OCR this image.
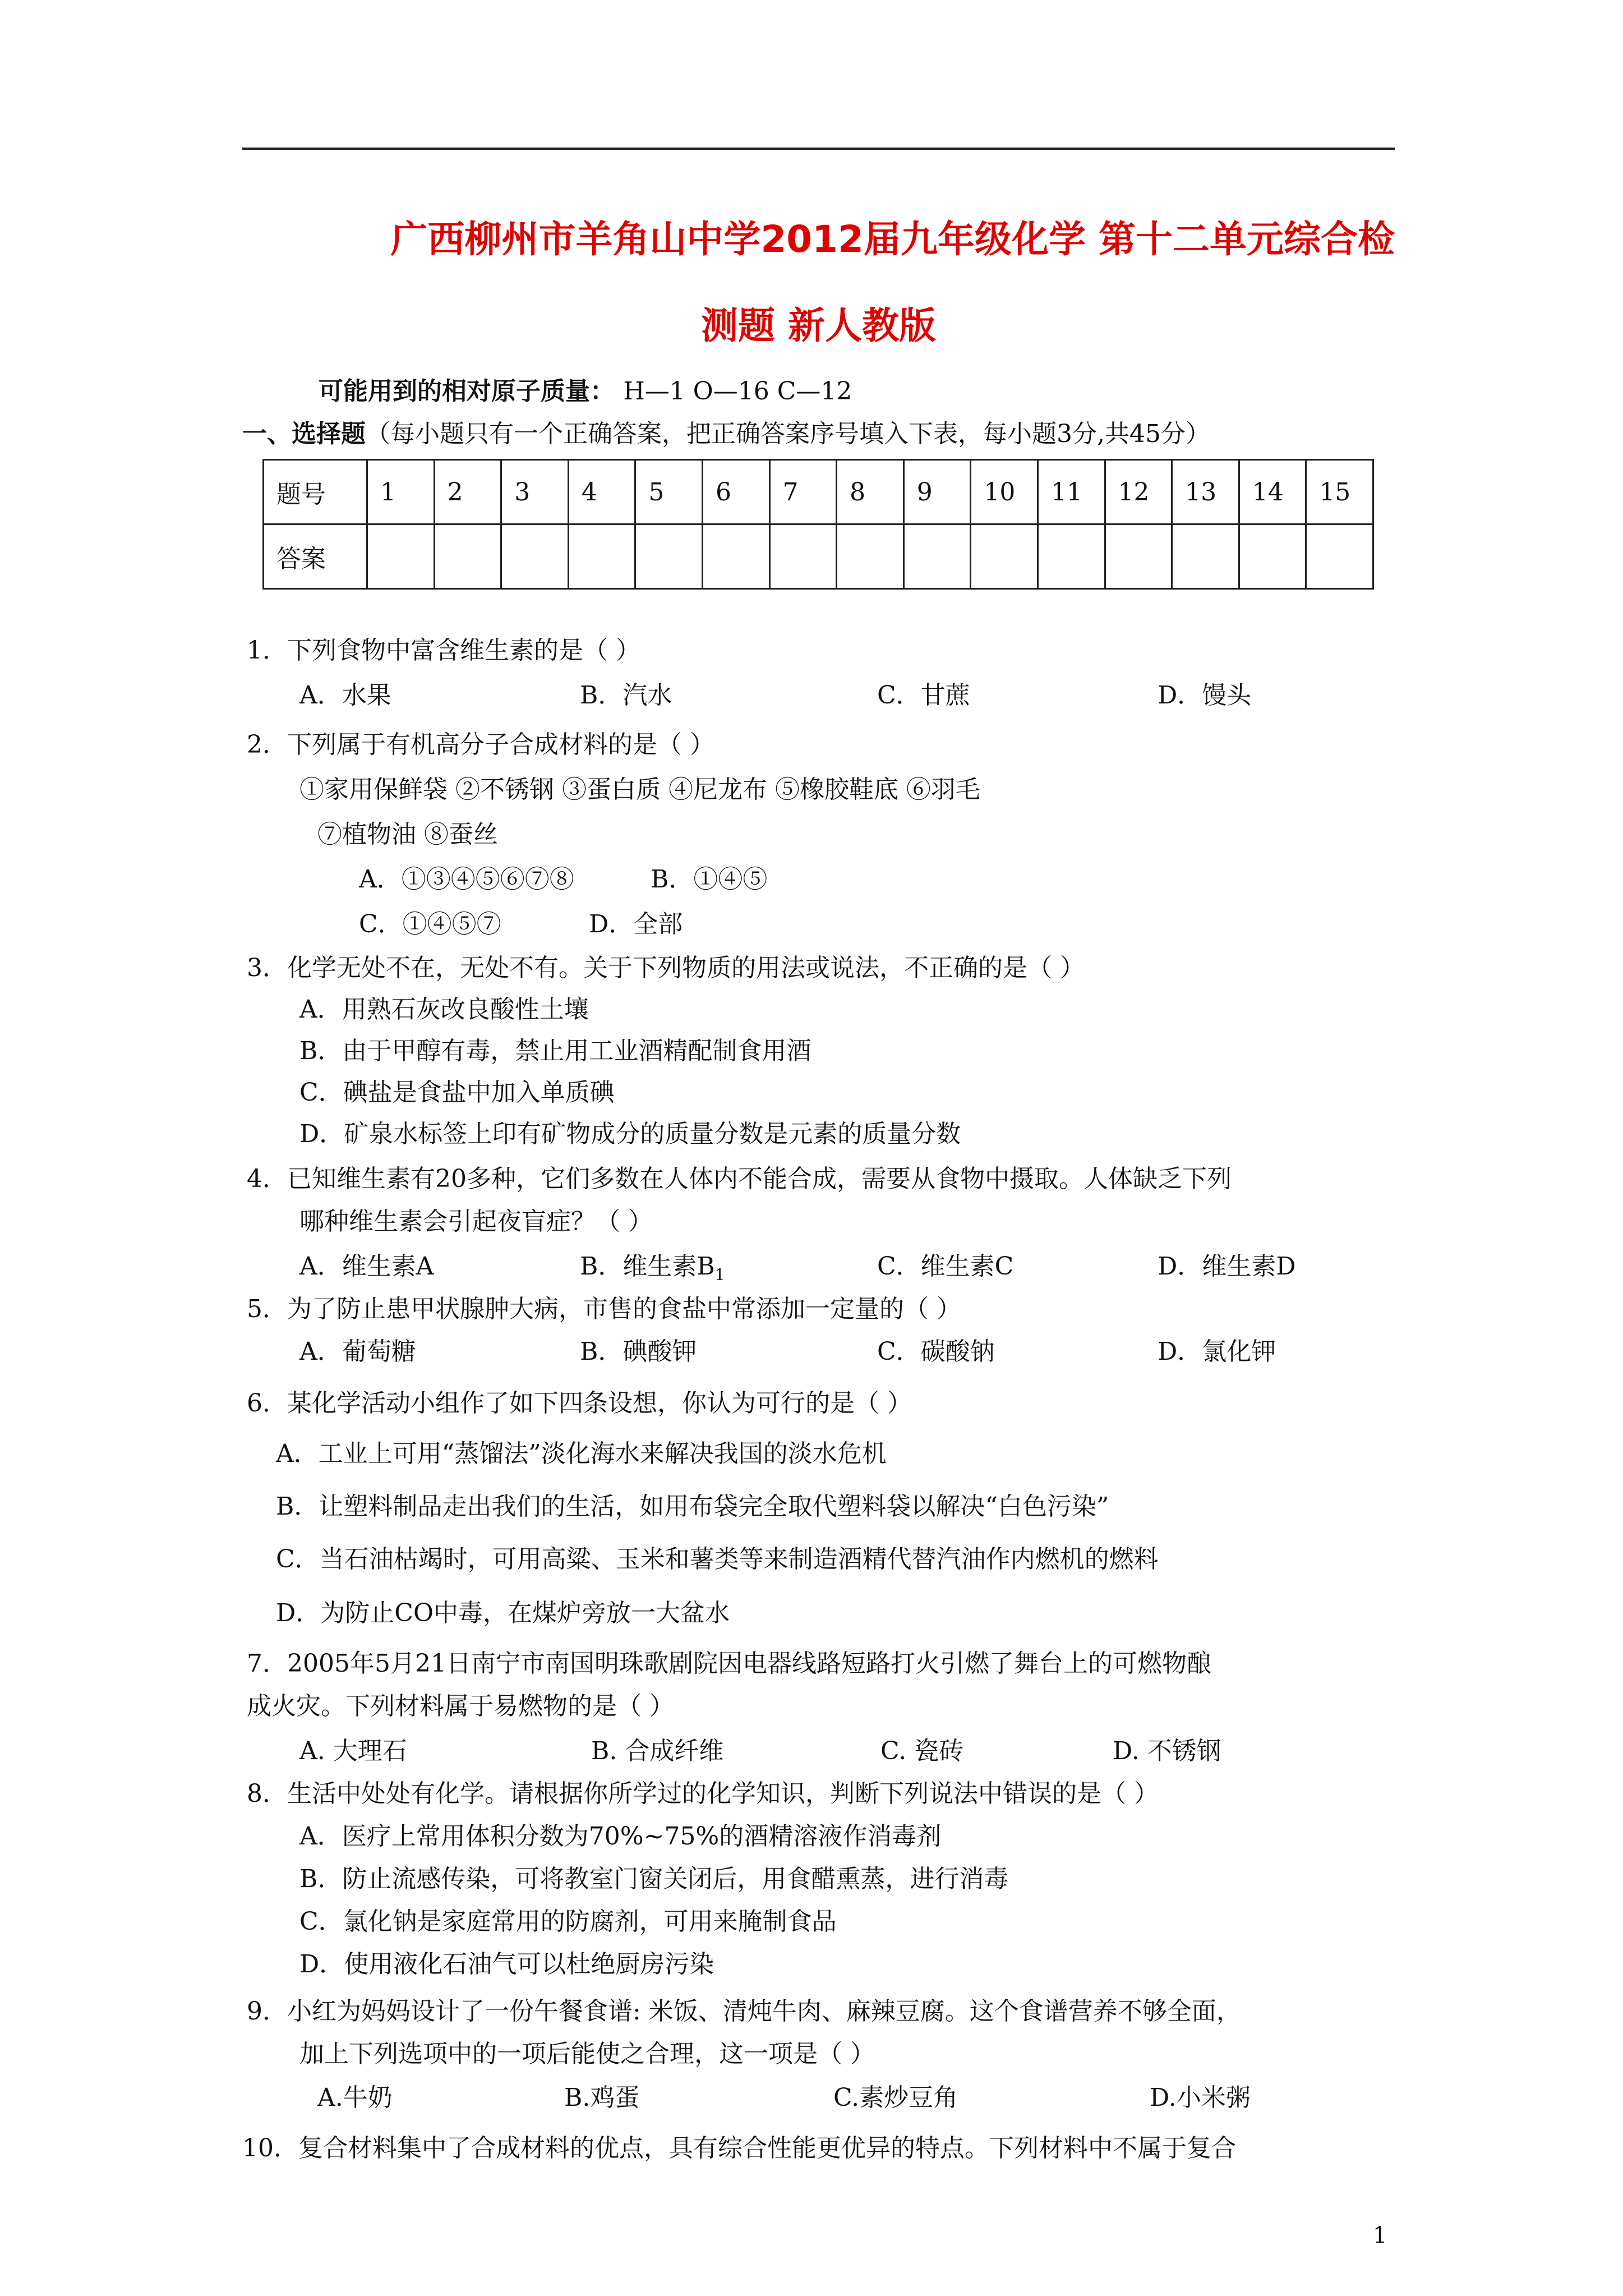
广西柳州市羊角山中学2012届九年级化学 第十二单元综合检
测题 新人教版
可能用到的相对原子质量： H—1 O—16 C—12
一、选择题（每小题只有一个正确答案，把正确答案序号填入下表，每小题3分,共45分）
题号	1	2	3	4	5	6	7	8	9	10	11	12	13	14	15
答案															
1．下列食物中富含维生素的是（ ）
A．水果	B．汽水	C．甘蔗	D．馒头
2．下列属于有机高分子合成材料的是（ ）
①家用保鲜袋 ②不锈钢 ③蛋白质 ④尼龙布 ⑤橡胶鞋底 ⑥羽毛
⑦植物油 ⑧蚕丝
A．①③④⑤⑥⑦⑧	B．①④⑤
C．①④⑤⑦	D．全部
3．化学无处不在，无处不有。关于下列物质的用法或说法，不正确的是（ ）
A．用熟石灰改良酸性土壤
B．由于甲醇有毒，禁止用工业酒精配制食用酒
C．碘盐是食盐中加入单质碘
D．矿泉水标签上印有矿物成分的质量分数是元素的质量分数
4．已知维生素有20多种，它们多数在人体内不能合成，需要从食物中摄取。人体缺乏下列
哪种维生素会引起夜盲症？（ ）
A．维生素A	B．维生素$B_1$	C．维生素C	D．维生素D
5．为了防止患甲状腺肿大病，市售的食盐中常添加一定量的（ ）
A．葡萄糖	B．碘酸钾	C．碳酸钠	D．氯化钾
6．某化学活动小组作了如下四条设想，你认为可行的是（ ）
A．工业上可用“蒸馏法”淡化海水来解决我国的淡水危机
B．让塑料制品走出我们的生活，如用布袋完全取代塑料袋以解决“白色污染”
C．当石油枯竭时，可用高粱、玉米和薯类等来制造酒精代替汽油作内燃机的燃料
D．为防止CO中毒，在煤炉旁放一大盆水
7．2005年5月21日南宁市南国明珠歌剧院因电器线路短路打火引燃了舞台上的可燃物酿
成火灾。下列材料属于易燃物的是（ ）
A. 大理石	B. 合成纤维	C. 瓷砖	D. 不锈钢
8．生活中处处有化学。请根据你所学过的化学知识，判断下列说法中错误的是（ ）
A．医疗上常用体积分数为70%~75%的酒精溶液作消毒剂
B．防止流感传染，可将教室门窗关闭后，用食醋熏蒸，进行消毒
C．氯化钠是家庭常用的防腐剂，可用来腌制食品
D．使用液化石油气可以杜绝厨房污染
9．小红为妈妈设计了一份午餐食谱: 米饭、清炖牛肉、麻辣豆腐。这个食谱营养不够全面，
加上下列选项中的一项后能使之合理，这一项是（ ）
A.牛奶	B.鸡蛋	C.素炒豆角	D.小米粥
10．复合材料集中了合成材料的优点，具有综合性能更优异的特点。下列材料中不属于复合
1
